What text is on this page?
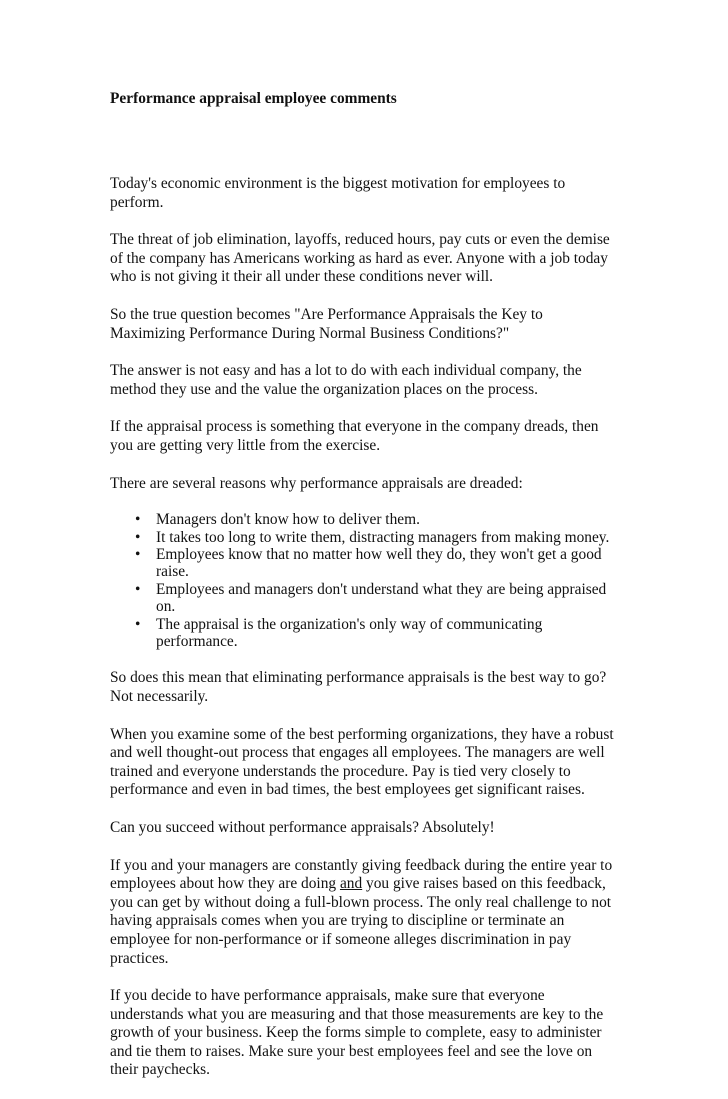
Performance appraisal employee comments

Today's economic environment is the biggest motivation for employees to perform.

The threat of job elimination, layoffs, reduced hours, pay cuts or even the demise of the company has Americans working as hard as ever. Anyone with a job today who is not giving it their all under these conditions never will.

So the true question becomes "Are Performance Appraisals the Key to Maximizing Performance During Normal Business Conditions?"

The answer is not easy and has a lot to do with each individual company, the method they use and the value the organization places on the process.

If the appraisal process is something that everyone in the company dreads, then you are getting very little from the exercise.

There are several reasons why performance appraisals are dreaded:

• Managers don't know how to deliver them.
• It takes too long to write them, distracting managers from making money.
• Employees know that no matter how well they do, they won't get a good raise.
• Employees and managers don't understand what they are being appraised on.
• The appraisal is the organization's only way of communicating performance.

So does this mean that eliminating performance appraisals is the best way to go? Not necessarily.

When you examine some of the best performing organizations, they have a robust and well thought-out process that engages all employees. The managers are well trained and everyone understands the procedure. Pay is tied very closely to performance and even in bad times, the best employees get significant raises.

Can you succeed without performance appraisals? Absolutely!

If you and your managers are constantly giving feedback during the entire year to employees about how they are doing and you give raises based on this feedback, you can get by without doing a full-blown process. The only real challenge to not having appraisals comes when you are trying to discipline or terminate an employee for non-performance or if someone alleges discrimination in pay practices.

If you decide to have performance appraisals, make sure that everyone understands what you are measuring and that those measurements are key to the growth of your business. Keep the forms simple to complete, easy to administer and tie them to raises. Make sure your best employees feel and see the love on their paychecks.
